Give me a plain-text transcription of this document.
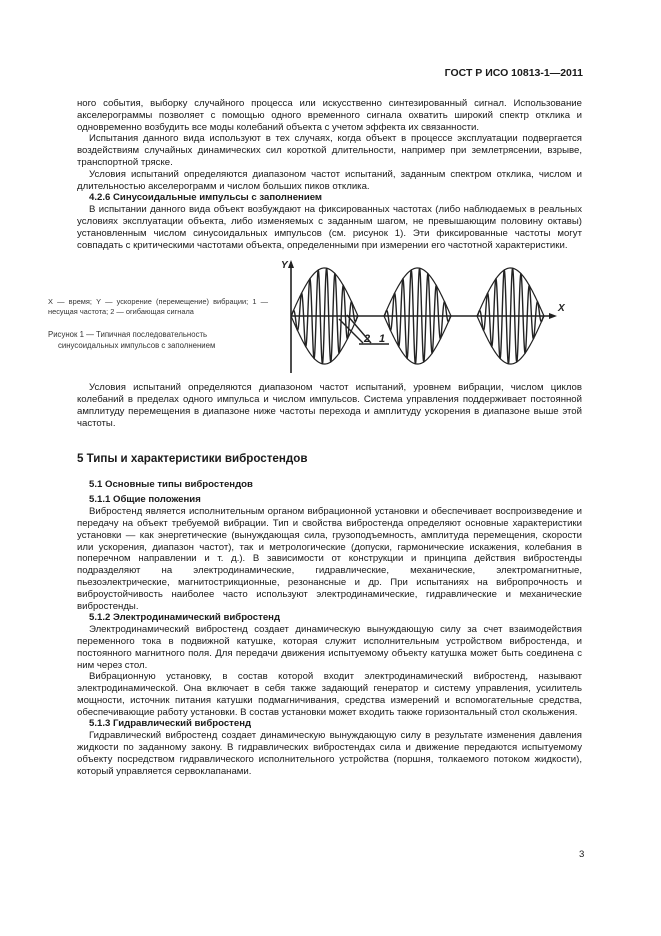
ГОСТ Р ИСО 10813-1—2011

ного события, выборку случайного процесса или искусственно синтезированный сигнал. Использование акселерограммы позволяет с помощью одного временного сигнала охватить широкий спектр отклика и одновременно возбудить все моды колебаний объекта с учетом эффекта их связанности.

Испытания данного вида используют в тех случаях, когда объект в процессе эксплуатации подвергается воздействиям случайных динамических сил короткой длительности, например при землетрясении, взрыве, транспортной тряске.

Условия испытаний определяются диапазоном частот испытаний, заданным спектром отклика, числом и длительностью акселерограмм и числом больших пиков отклика.

4.2.6 Синусоидальные импульсы с заполнением

В испытании данного вида объект возбуждают на фиксированных частотах (либо наблюдаемых в реальных условиях эксплуатации объекта, либо изменяемых с заданным шагом, не превышающим половину октавы) установленным числом синусоидальных импульсов (см. рисунок 1). Эти фиксированные частоты могут совпадать с критическими частотами объекта, определенными при измерении его частотной характеристики.

X — время; Y — ускорение (перемещение) вибрации; 1 — несущая частота; 2 — огибающая сигнала
Рисунок 1 — Типичная последовательность
синусоидальных импульсов с заполнением
Y
X
2 1

Условия испытаний определяются диапазоном частот испытаний, уровнем вибрации, числом циклов колебаний в пределах одного импульса и числом импульсов. Система управления поддерживает постоянной амплитуду перемещения в диапазоне ниже частоты перехода и амплитуду ускорения в диапазоне выше этой частоты.

5 Типы и характеристики вибростендов
5.1 Основные типы вибростендов
5.1.1 Общие положения

Вибростенд является исполнительным органом вибрационной установки и обеспечивает воспроизведение и передачу на объект требуемой вибрации. Тип и свойства вибростенда определяют основные характеристики установки — как энергетические (вынуждающая сила, грузоподъемность, амплитуда перемещения, скорости или ускорения, диапазон частот), так и метрологические (допуски, гармонические искажения, колебания в поперечном направлении и т. д.). В зависимости от конструкции и принципа действия вибростенды подразделяют на электродинамические, гидравлические, механические, электромагнитные, пьезоэлектрические, магнитострикционные, резонансные и др. При испытаниях на вибропрочность и виброустойчивость наиболее часто используют электродинамические, гидравлические и механические вибростенды.

5.1.2 Электродинамический вибростенд

Электродинамический вибростенд создает динамическую вынуждающую силу за счет взаимодействия переменного тока в подвижной катушке, которая служит исполнительным устройством вибростенда, и постоянного магнитного поля. Для передачи движения испытуемому объекту катушка может быть соединена с ним через стол.

Вибрационную установку, в состав которой входит электродинамический вибростенд, называют электродинамической. Она включает в себя также задающий генератор и систему управления, усилитель мощности, источник питания катушки подмагничивания, средства измерений и вспомогательные средства, обеспечивающие работу установки. В состав установки может входить также горизонтальный стол скольжения.

5.1.3 Гидравлический вибростенд

Гидравлический вибростенд создает динамическую вынуждающую силу в результате изменения давления жидкости по заданному закону. В гидравлических вибростендах сила и движение передаются испытуемому объекту посредством гидравлического исполнительного устройства (поршня, толкаемого потоком жидкости), который управляется сервоклапанами.

3
